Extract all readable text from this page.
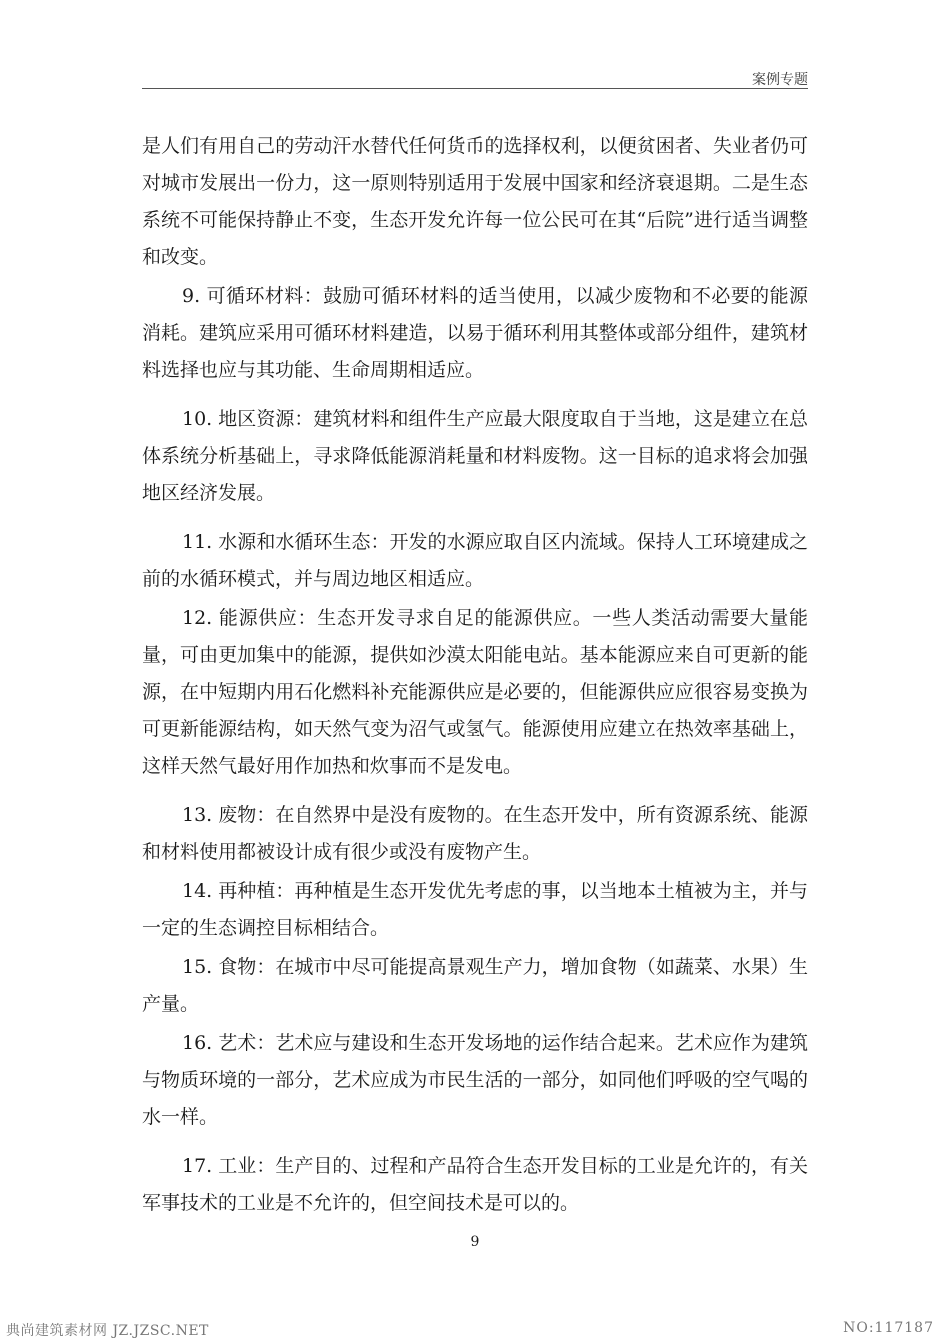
案例专题

是人们有用自己的劳动汗水替代任何货币的选择权利，以便贫困者、失业者仍可对城市发展出一份力，这一原则特别适用于发展中国家和经济衰退期。二是生态系统不可能保持静止不变，生态开发允许每一位公民可在其“后院”进行适当调整和改变。

9. 可循环材料：鼓励可循环材料的适当使用，以减少废物和不必要的能源消耗。建筑应采用可循环材料建造，以易于循环利用其整体或部分组件，建筑材料选择也应与其功能、生命周期相适应。

10. 地区资源：建筑材料和组件生产应最大限度取自于当地，这是建立在总体系统分析基础上，寻求降低能源消耗量和材料废物。这一目标的追求将会加强地区经济发展。

11. 水源和水循环生态：开发的水源应取自区内流域。保持人工环境建成之前的水循环模式，并与周边地区相适应。

12. 能源供应：生态开发寻求自足的能源供应。一些人类活动需要大量能量，可由更加集中的能源，提供如沙漠太阳能电站。基本能源应来自可更新的能源，在中短期内用石化燃料补充能源供应是必要的，但能源供应应很容易变换为可更新能源结构，如天然气变为沼气或氢气。能源使用应建立在热效率基础上，这样天然气最好用作加热和炊事而不是发电。

13. 废物：在自然界中是没有废物的。在生态开发中，所有资源系统、能源和材料使用都被设计成有很少或没有废物产生。

14. 再种植：再种植是生态开发优先考虑的事，以当地本土植被为主，并与一定的生态调控目标相结合。

15. 食物：在城市中尽可能提高景观生产力，增加食物（如蔬菜、水果）生产量。

16. 艺术：艺术应与建设和生态开发场地的运作结合起来。艺术应作为建筑与物质环境的一部分，艺术应成为市民生活的一部分，如同他们呼吸的空气喝的水一样。

17. 工业：生产目的、过程和产品符合生态开发目标的工业是允许的，有关军事技术的工业是不允许的，但空间技术是可以的。

9
典尚建筑素材网 JZ.JZSC.NET	NO:117187
